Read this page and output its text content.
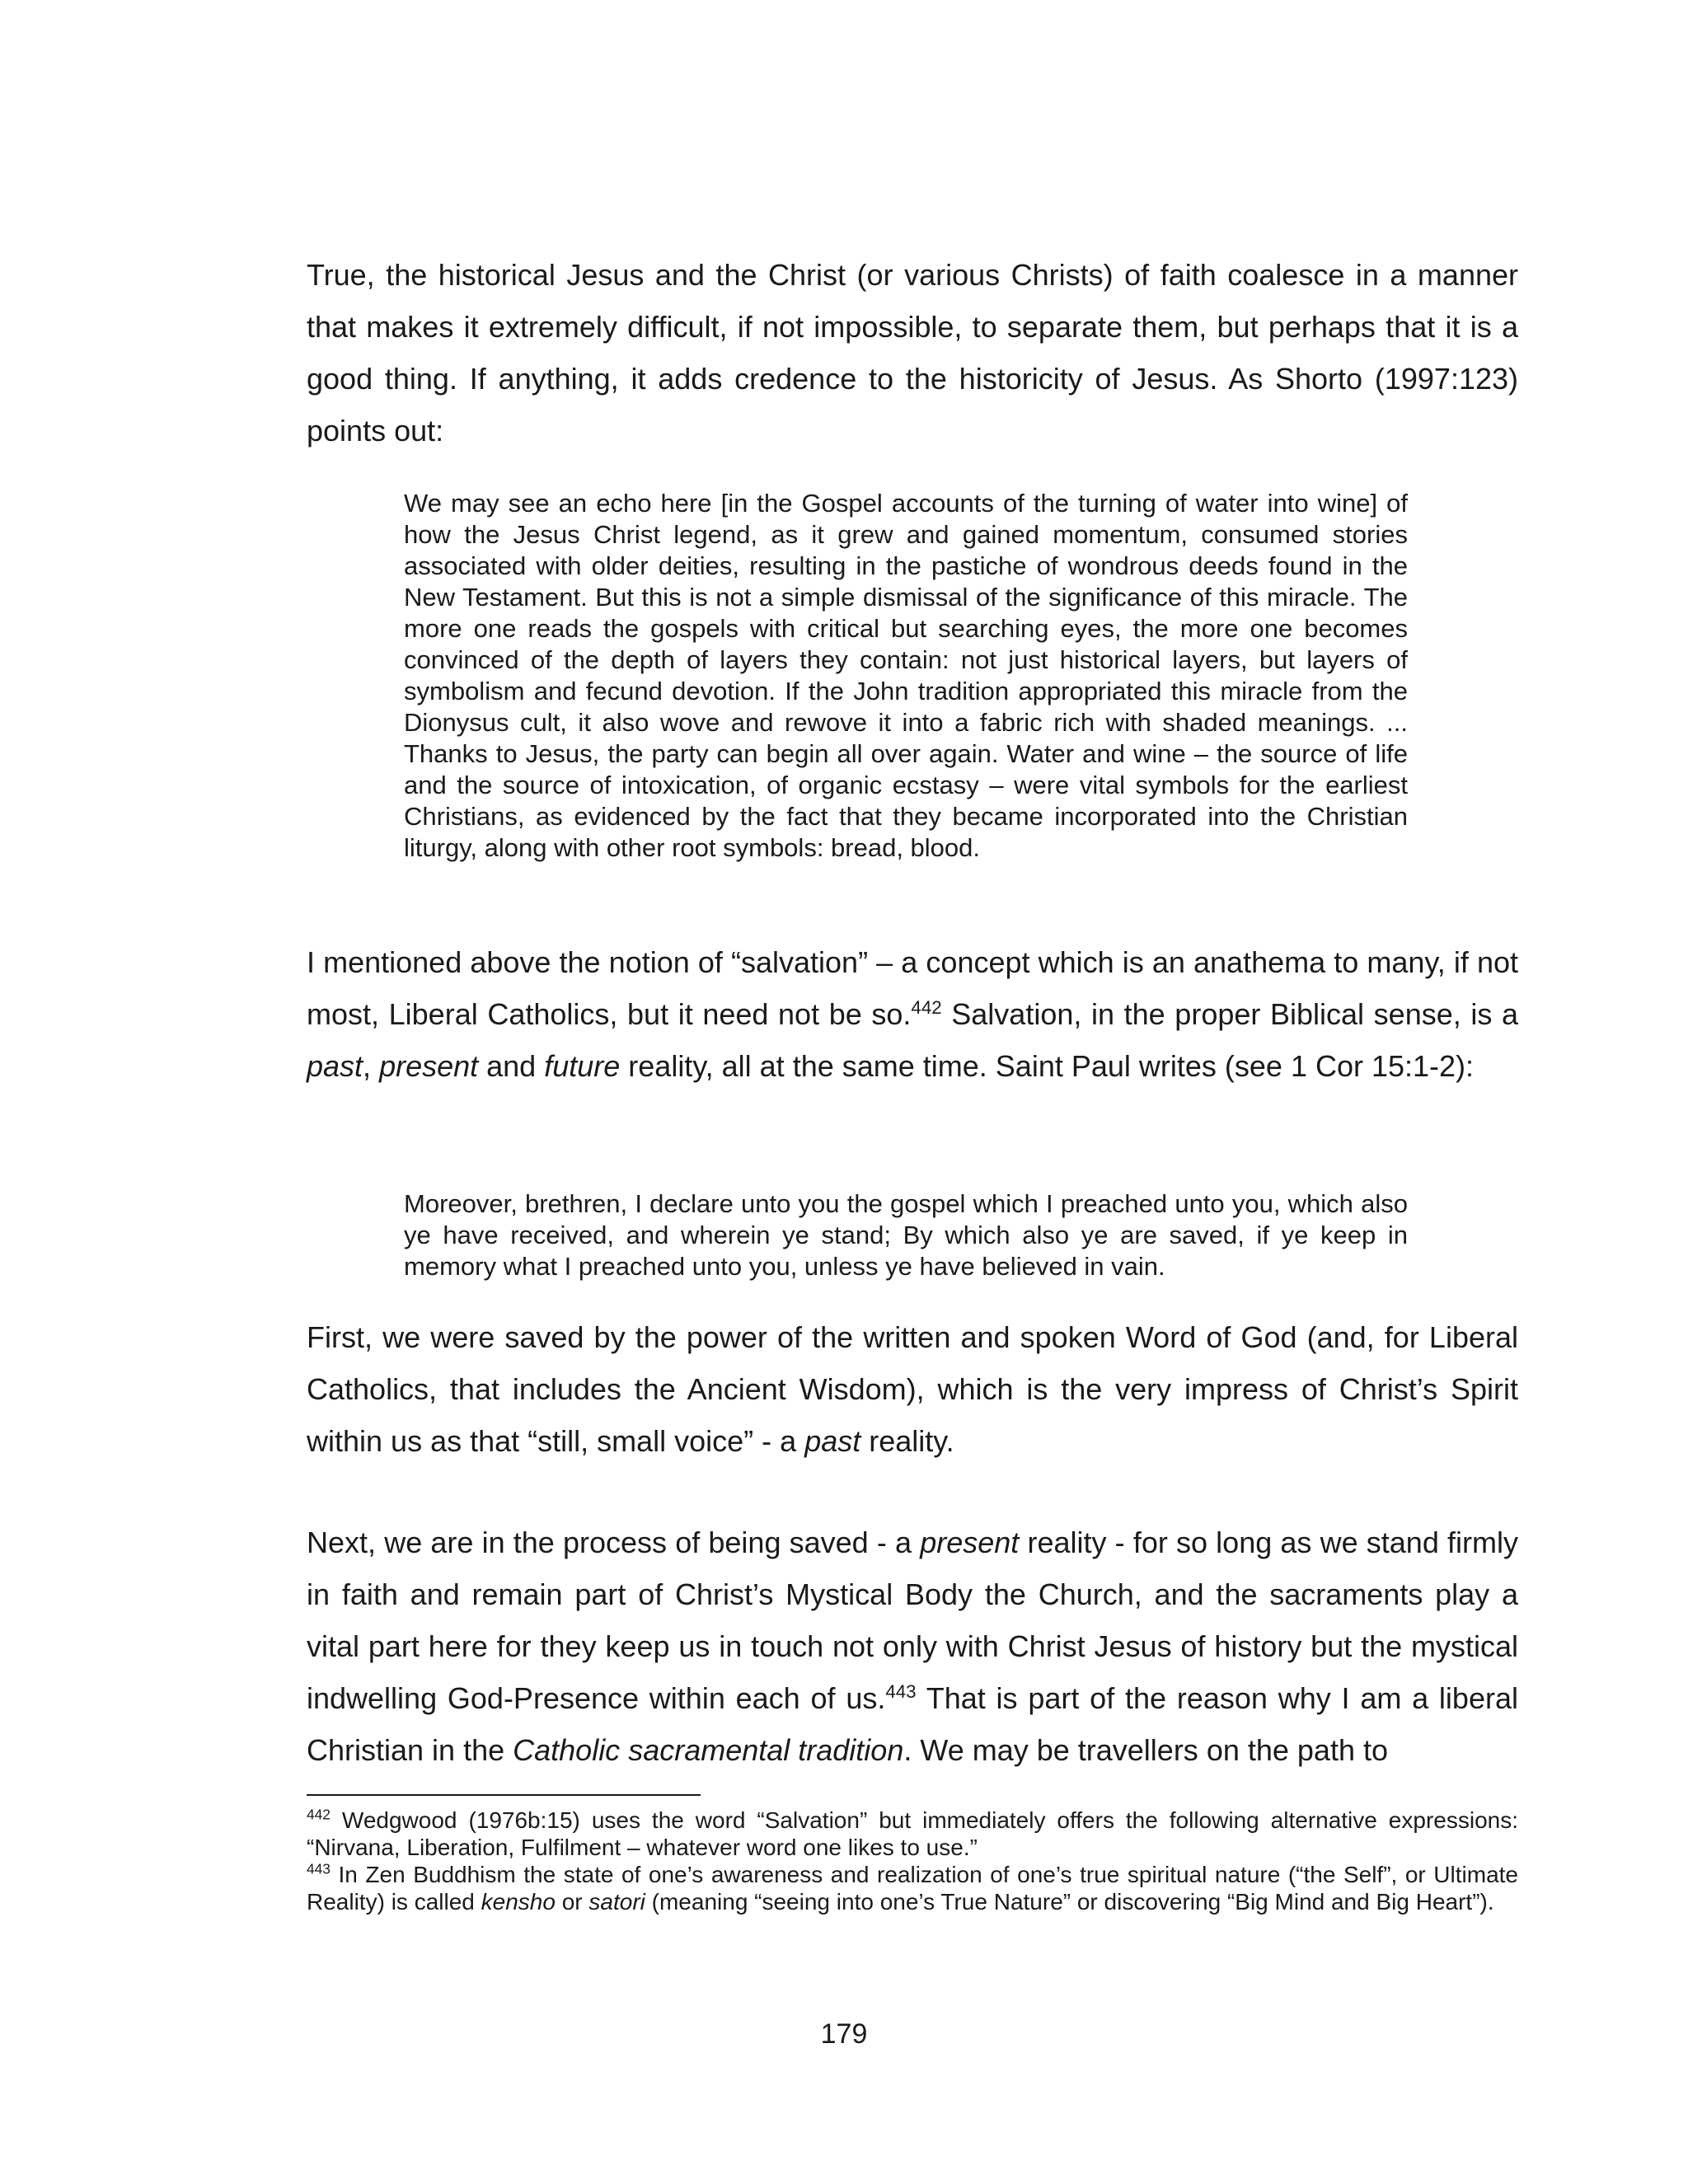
True, the historical Jesus and the Christ (or various Christs) of faith coalesce in a manner that makes it extremely difficult, if not impossible, to separate them, but perhaps that it is a good thing. If anything, it adds credence to the historicity of Jesus. As Shorto (1997:123) points out:

We may see an echo here [in the Gospel accounts of the turning of water into wine] of how the Jesus Christ legend, as it grew and gained momentum, consumed stories associated with older deities, resulting in the pastiche of wondrous deeds found in the New Testament. But this is not a simple dismissal of the significance of this miracle. The more one reads the gospels with critical but searching eyes, the more one becomes convinced of the depth of layers they contain: not just historical layers, but layers of symbolism and fecund devotion. If the John tradition appropriated this miracle from the Dionysus cult, it also wove and rewove it into a fabric rich with shaded meanings. ... Thanks to Jesus, the party can begin all over again. Water and wine – the source of life and the source of intoxication, of organic ecstasy – were vital symbols for the earliest Christians, as evidenced by the fact that they became incorporated into the Christian liturgy, along with other root symbols: bread, blood.

I mentioned above the notion of “salvation” – a concept which is an anathema to many, if not most, Liberal Catholics, but it need not be so.$^{442}$ Salvation, in the proper Biblical sense, is a past, present and future reality, all at the same time. Saint Paul writes (see 1 Cor 15:1-2):

Moreover, brethren, I declare unto you the gospel which I preached unto you, which also ye have received, and wherein ye stand; By which also ye are saved, if ye keep in memory what I preached unto you, unless ye have believed in vain.

First, we were saved by the power of the written and spoken Word of God (and, for Liberal Catholics, that includes the Ancient Wisdom), which is the very impress of Christ’s Spirit within us as that “still, small voice” - a past reality.

Next, we are in the process of being saved - a present reality - for so long as we stand firmly in faith and remain part of Christ’s Mystical Body the Church, and the sacraments play a vital part here for they keep us in touch not only with Christ Jesus of history but the mystical indwelling God-Presence within each of us.$^{443}$ That is part of the reason why I am a liberal Christian in the Catholic sacramental tradition. We may be travellers on the path to

$^{442}$ Wedgwood (1976b:15) uses the word “Salvation” but immediately offers the following alternative expressions: “Nirvana, Liberation, Fulfilment – whatever word one likes to use.”

$^{443}$ In Zen Buddhism the state of one’s awareness and realization of one’s true spiritual nature (“the Self”, or Ultimate Reality) is called kensho or satori (meaning “seeing into one’s True Nature” or discovering “Big Mind and Big Heart”).

179
